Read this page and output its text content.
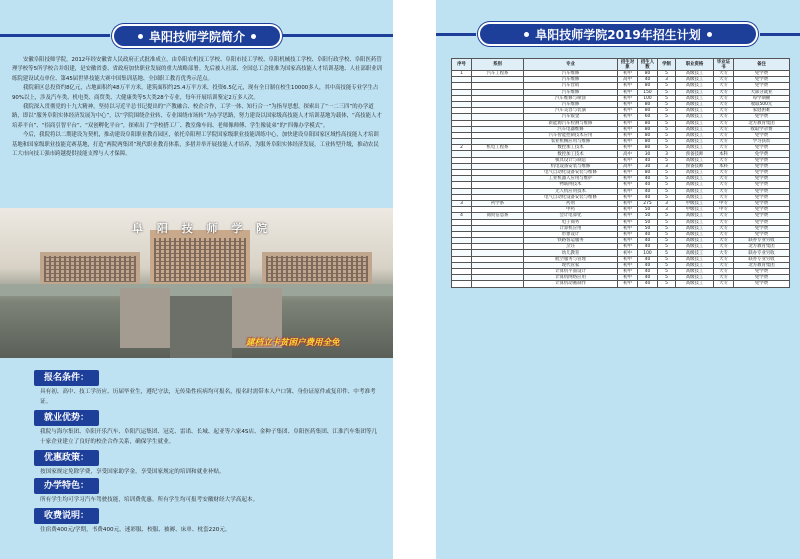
阜阳技师学院简介

安徽阜阳技师学院，2012年经安徽省人民政府正式批准成立，由阜阳农机技工学校、阜阳市技工学校、阜阳机械技工学校、阜阳行政学校、阜阳医药管理学校等5所学校合并组建，是安徽省委、省政府加快职业发展的重大战略部署。先后被人社部、全国总工会批准为国家高技能人才培训基地、人社部职业训练院建设试点单位、第45届世界技能大赛中国集训基地、全国职工教育优秀示范点。

我院新区总投资约8亿元，占地面积约48万平方米，建筑面积约25.4万平方米，投资6.5亿元，现有全日制在校生10000多人，其中高技能专业学生占90%以上，涉及汽车类、机电类、商贸类、大健康类等5大类28个专业，每年开展培训鉴定2万多人次。

我院深入贯彻党的十九大精神，坚持以习近平总书记提出的“产教融合、校企合作，工学一体、知行合一”为指导思想，探索出了“一二三四”的办学道路，即以“服务阜阳实体经济发展为中心”，以“学院围绕企业转、专业围绕市场转”为办学思路，努力建设以国家级高技能人才培训基地为载体，“高技能人才培养平台”、“招商引智平台”、“双创孵化平台”，探索出了“学校搭工厂、教室像车间、老师像师傅、学生像徒弟”的“四像办学模式”。

今后，我院将以二期建设为契机，推动建设阜阳职业教育园区，依托阜阳理工学院国家级职业技能训练中心，加快建设阜阳国家区域性高技能人才培训基地和国家级职业技能竞赛基地，打造“两院两集团”现代职业教育体系，多措并举开展技能人才培养，为服务阜阳实体经济发展，工业转型升级，推动农民工大市向技工强市跨越提供技能支撑与人才保障。

阜 阳 技 师 学 院
建档立卡贫困户费用全免
报名条件：
具有初、高中、技工学历应、历届毕业生，遵纪守法，无传染性疾病均可报名，报名时需带本人户口簿、身份证原件或复印件、中考准考证。
就业优势：
我院与海尔集团、阜阳开乐汽车、阜阳汽运集团、冠克、雷诺、长城、起亚等六家4S店、金种子集团、阜阳医药集团、江淮汽车集团等几十家企业建立了良好的校企合作关系，确保学生就业。
优惠政策：
按国家规定免除学费，享受国家助学金，享受国家规定的培训和就业补贴。
办学特色：
所有学生均可学习汽车驾驶技能，培训费优惠。所有学生均可报考安徽财经大学高起本。
收费说明：
住宿费400元/学期，书费400元，迷彩服、校服、被褥、床单、枕套220元。
阜阳技师学院2019年招生计划
序号	系别	专业	招生对象	招生人数	学制	职业资格	毕业证书	备注
1	汽车工程系	汽车维修	初中	80	5	高级技工	大专	免学费
		汽车维修	高中	40	3	高级技工	大专	免学费
		汽车营销	初中	80	5	高级技工	大专	免学费
		汽车维修	初中	150	5	高级技工	大专	大部分就业
		汽车维修与喷涂	初中	100	5	高级技工	大专	每学期额
		汽车维修	初中	80	5	高级技工	大专	收取500元
		汽车美容与装潢	初中	80	5	高级技工	大专	家庭困难
		汽车钣金	初中	60	5	高级技工	大专	免学费
		新能源汽车检测与维修	初中	80	5	高级技工	大专	北方教育集团
		汽车电器维修	初中	80	5	高级技工	大专	收取学杂费
		汽车智能控制技术应用	初中	80	5	高级技工	大专	免学费
		农业机械应用与维修	初中	80	5	高级技工	大专	学习扶贫
2	机电工程系	数控加工技术	初中	80	5	高级技工	大专	免学费
		数控加工技术	高中	30	3	预备技师	本科	免学费
		模具设计与制造	初中	40	5	高级技工	大专	免学费
		机电设备安装与维修	高中	30	3	预备技师	本科	免学费
		电气自动化设备安装与维修	初中	80	5	高级技工	大专	免学费
		工业机器人应用与维护	初中	40	5	高级技工	大专	免学费
		物联网技术	初中	40	5	高级技工	大专	免学费
		无人机应用技术	初中	40	5	高级技工	大专	免学费
		电气自动化设备安装与维修	初中	40	5	高级技工	大专	免学费
3	药学系	药剂	初中	275	3	中级技工	中专	免学费
		中药	初中	50	3	中级技工	中专	免学费
4	商贸信息系	会计电算化	初中	50	5	高级技工	大专	免学费
		电子商务	初中	50	5	高级技工	大专	免学费
		计算机应用	初中	50	5	高级技工	大专	免学费
		形象设计	初中	40	5	高级技工	大专	免学费
		铁路客运服务	初中	40	5	高级技工	大专	联办专业另收
		烹饪	初中	40	5	高级技工	大专	北方教育集团
		幼儿教育	初中	100	5	高级技工	大专	联办专业另收
		航空服务与管理	初中	40	5	高级技工	大专	联办专业另收
		现代管家	初中	40	5	高级技工	大专	北方教育集团
		计算机平面设计	初中	40	5	高级技工	大专	免学费
		计算机网络应用	初中	40	5	高级技工	大专	免学费
		计算机动画制作	初中	40	5	高级技工	大专	免学费
